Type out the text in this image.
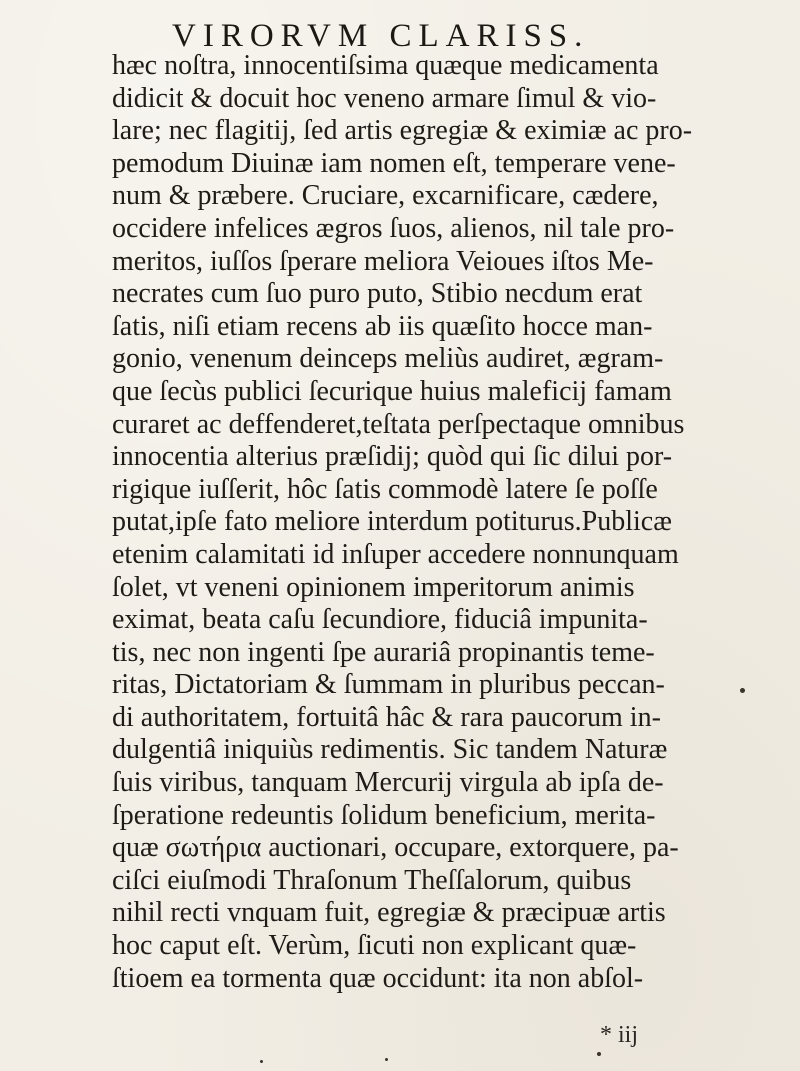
VIRORVM CLARISS.
hæc noſtra, innocentiſsima quæque medicamenta
didicit & docuit hoc veneno armare ſimul & vio-
lare; nec flagitij, ſed artis egregiæ & eximiæ ac pro-
pemodum Diuinæ iam nomen eſt, temperare vene-
num & præbere. Cruciare, excarnificare, cædere,
occidere infelices ægros ſuos, alienos, nil tale pro-
meritos, iuſſos ſperare meliora Veioues iſtos Me-
necrates cum ſuo puro puto, Stibio necdum erat
ſatis, niſi etiam recens ab iis quæſito hocce man-
gonio, venenum deinceps meliùs audiret, ægram-
que ſecùs publici ſecurique huius maleficij famam
curaret ac deffenderet,teſtata perſpectaque omnibus
innocentia alterius præſidij; quòd qui ſic dilui por-
rigique iuſſerit, hôc ſatis commodè latere ſe poſſe
putat,ipſe fato meliore interdum potiturus.Publicæ
etenim calamitati id inſuper accedere nonnunquam
ſolet, vt veneni opinionem imperitorum animis
eximat, beata caſu ſecundiore, fiduciâ impunita-
tis, nec non ingenti ſpe aurariâ propinantis teme-
ritas, Dictatoriam & ſummam in pluribus peccan-
di authoritatem, fortuitâ hâc & rara paucorum in-
dulgentiâ iniquiùs redimentis. Sic tandem Naturæ
ſuis viribus, tanquam Mercurij virgula ab ipſa de-
ſperatione redeuntis ſolidum beneficium, merita-
quæ σωτήρια auctionari, occupare, extorquere, pa-
ciſci eiuſmodi Thraſonum Theſſalorum, quibus
nihil recti vnquam fuit, egregiæ & præcipuæ artis
hoc caput eſt. Verùm, ſicuti non explicant quæ-
ſtioem ea tormenta quæ occidunt: ita non abſol-
* iij
